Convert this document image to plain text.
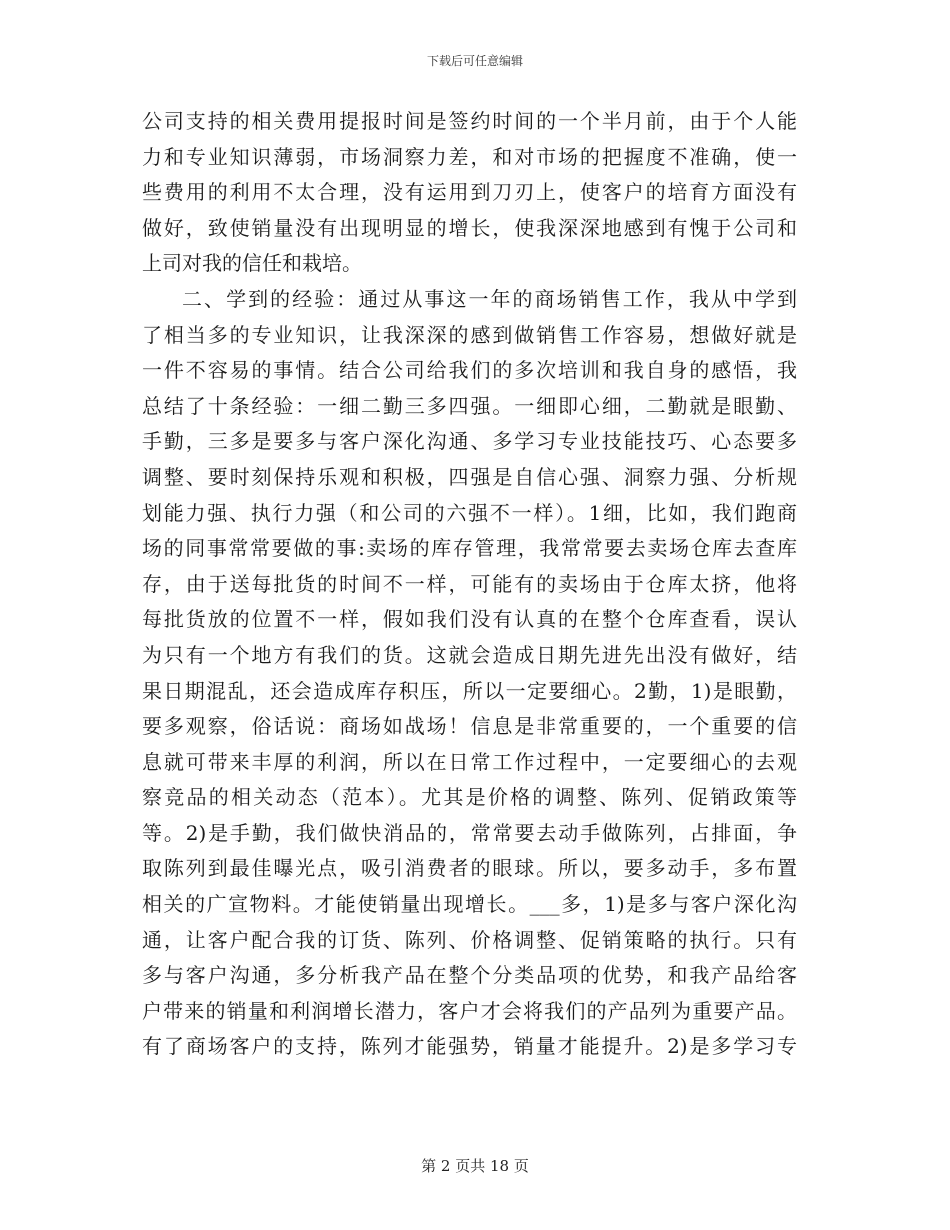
下载后可任意编辑
公司支持的相关费用提报时间是签约时间的一个半月前，由于个人能
力和专业知识薄弱，市场洞察力差，和对市场的把握度不准确，使一
些费用的利用不太合理，没有运用到刀刃上，使客户的培育方面没有
做好，致使销量没有出现明显的增长，使我深深地感到有愧于公司和
上司对我的信任和栽培。
二、学到的经验：通过从事这一年的商场销售工作，我从中学到
了相当多的专业知识，让我深深的感到做销售工作容易，想做好就是
一件不容易的事情。结合公司给我们的多次培训和我自身的感悟，我
总结了十条经验：一细二勤三多四强。一细即心细，二勤就是眼勤、
手勤，三多是要多与客户深化沟通、多学习专业技能技巧、心态要多
调整、要时刻保持乐观和积极，四强是自信心强、洞察力强、分析规
划能力强、执行力强（和公司的六强不一样）。1细，比如，我们跑商
场的同事常常要做的事:卖场的库存管理，我常常要去卖场仓库去查库
存，由于送每批货的时间不一样，可能有的卖场由于仓库太挤，他将
每批货放的位置不一样，假如我们没有认真的在整个仓库查看，误认
为只有一个地方有我们的货。这就会造成日期先进先出没有做好，结
果日期混乱，还会造成库存积压，所以一定要细心。2勤，1)是眼勤，
要多观察，俗话说：商场如战场！信息是非常重要的，一个重要的信
息就可带来丰厚的利润，所以在日常工作过程中，一定要细心的去观
察竞品的相关动态（范本）。尤其是价格的调整、陈列、促销政策等
等。2)是手勤，我们做快消品的，常常要去动手做陈列，占排面，争
取陈列到最佳曝光点，吸引消费者的眼球。所以，要多动手，多布置
相关的广宣物料。才能使销量出现增长。___多，1)是多与客户深化沟
通，让客户配合我的订货、陈列、价格调整、促销策略的执行。只有
多与客户沟通，多分析我产品在整个分类品项的优势，和我产品给客
户带来的销量和利润增长潜力，客户才会将我们的产品列为重要产品。
有了商场客户的支持，陈列才能强势，销量才能提升。2)是多学习专
第 2 页共 18 页
